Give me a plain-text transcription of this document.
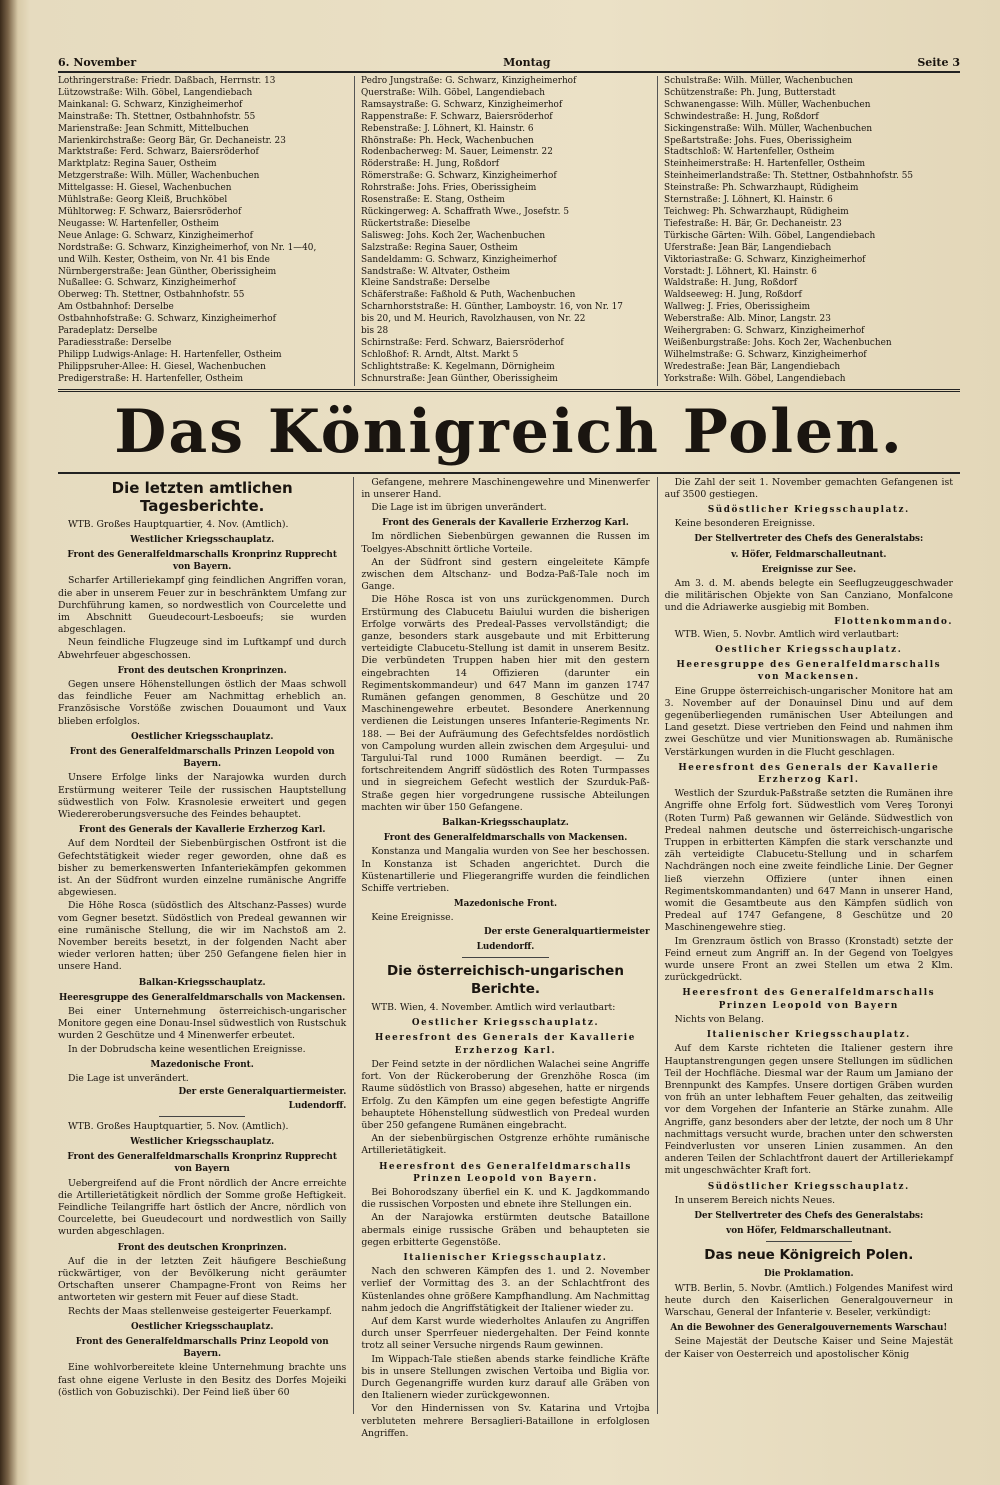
6. November	Montag	Seite 3
Lothringerstraße: Friedr. Daßbach, Herrnstr. 13
Lützowstraße: Wilh. Göbel, Langendiebach
Mainkanal: G. Schwarz, Kinzigheimerhof
Mainstraße: Th. Stettner, Ostbahnhofstr. 55
Marienstraße: Jean Schmitt, Mittelbuchen
Marienkirchstraße: Georg Bär, Gr. Dechaneistr. 23
Marktstraße: Ferd. Schwarz, Baiersröderhof
Marktplatz: Regina Sauer, Ostheim
Metzgerstraße: Wilh. Müller, Wachenbuchen
Mittelgasse: H. Giesel, Wachenbuchen
Mühlstraße: Georg Kleiß, Bruchköbel
Mühltorweg: F. Schwarz, Baiersröderhof
Neugasse: W. Hartenfeller, Ostheim
Neue Anlage: G. Schwarz, Kinzigheimerhof
Nordstraße: G. Schwarz, Kinzigheimerhof, von Nr. 1—40,
und Wilh. Kester, Ostheim, von Nr. 41 bis Ende
Nürnbergerstraße: Jean Günther, Oberissigheim
Nußallee: G. Schwarz, Kinzigheimerhof
Oberweg: Th. Stettner, Ostbahnhofstr. 55
Am Ostbahnhof: Derselbe
Ostbahnhofstraße: G. Schwarz, Kinzigheimerhof
Paradeplatz: Derselbe
Paradiesstraße: Derselbe
Philipp Ludwigs-Anlage: H. Hartenfeller, Ostheim
Philippsruher-Allee: H. Giesel, Wachenbuchen
Predigerstraße: H. Hartenfeller, Ostheim
Pedro Jungstraße: G. Schwarz, Kinzigheimerhof
Querstraße: Wilh. Göbel, Langendiebach
Ramsaystraße: G. Schwarz, Kinzigheimerhof
Rappenstraße: F. Schwarz, Baiersröderhof
Rebenstraße: J. Löhnert, Kl. Hainstr. 6
Rhönstraße: Ph. Heck, Wachenbuchen
Rodenbacherweg: M. Sauer, Leimenstr. 22
Röderstraße: H. Jung, Roßdorf
Römerstraße: G. Schwarz, Kinzigheimerhof
Rohrstraße: Johs. Fries, Oberissigheim
Rosenstraße: E. Stang, Ostheim
Rückingerweg: A. Schaffrath Wwe., Josefstr. 5
Rückertstraße: Dieselbe
Salisweg: Johs. Koch 2er, Wachenbuchen
Salzstraße: Regina Sauer, Ostheim
Sandeldamm: G. Schwarz, Kinzigheimerhof
Sandstraße: W. Altvater, Ostheim
Kleine Sandstraße: Derselbe
Schäferstraße: Faßhold & Puth, Wachenbuchen
Scharnhorststraße: H. Günther, Lamboystr. 16, von Nr. 17
bis 20, und M. Heurich, Ravolzhausen, von Nr. 22
bis 28
Schirnstraße: Ferd. Schwarz, Baiersröderhof
Schloßhof: R. Arndt, Altst. Markt 5
Schlightstraße: K. Kegelmann, Dörnigheim
Schnurstraße: Jean Günther, Oberissigheim
Schulstraße: Wilh. Müller, Wachenbuchen
Schützenstraße: Ph. Jung, Butterstadt
Schwanengasse: Wilh. Müller, Wachenbuchen
Schwindestraße: H. Jung, Roßdorf
Sickingenstraße: Wilh. Müller, Wachenbuchen
Speßartstraße: Johs. Fues, Oberissigheim
Stadtschloß: W. Hartenfeller, Ostheim
Steinheimerstraße: H. Hartenfeller, Ostheim
Steinheimerlandstraße: Th. Stettner, Ostbahnhofstr. 55
Steinstraße: Ph. Schwarzhaupt, Rüdigheim
Sternstraße: J. Löhnert, Kl. Hainstr. 6
Teichweg: Ph. Schwarzhaupt, Rüdigheim
Tiefestraße: H. Bär, Gr. Dechaneistr. 23
Türkische Gärten: Wilh. Göbel, Langendiebach
Uferstraße: Jean Bär, Langendiebach
Viktoriastraße: G. Schwarz, Kinzigheimerhof
Vorstadt: J. Löhnert, Kl. Hainstr. 6
Waldstraße: H. Jung, Roßdorf
Waldseeweg: H. Jung, Roßdorf
Wallweg: J. Fries, Oberissigheim
Weberstraße: Alb. Minor, Langstr. 23
Weihergraben: G. Schwarz, Kinzigheimerhof
Weißenburgstraße: Johs. Koch 2er, Wachenbuchen
Wilhelmstraße: G. Schwarz, Kinzigheimerhof
Wredestraße: Jean Bär, Langendiebach
Yorkstraße: Wilh. Göbel, Langendiebach
Das Königreich Polen.
Die letzten amtlichen Tagesberichte.

WTB. Großes Hauptquartier, 4. Nov. (Amtlich).

Westlicher Kriegsschauplatz.

Front des Generalfeldmarschalls Kronprinz Rupprecht von Bayern.

Scharfer Artilleriekampf ging feindlichen Angriffen voran, die aber in unserem Feuer zur in beschränktem Umfang zur Durchführung kamen, so nordwestlich von Courcelette und im Abschnitt Gueudecourt-Lesboeufs; sie wurden abgeschlagen.

Neun feindliche Flugzeuge sind im Luftkampf und durch Abwehrfeuer abgeschossen.

Front des deutschen Kronprinzen.

Gegen unsere Höhenstellungen östlich der Maas schwoll das feindliche Feuer am Nachmittag erheblich an. Französische Vorstöße zwischen Douaumont und Vaux blieben erfolglos.

Oestlicher Kriegsschauplatz.

Front des Generalfeldmarschalls Prinzen Leopold von Bayern.

Unsere Erfolge links der Narajowka wurden durch Erstürmung weiterer Teile der russischen Hauptstellung südwestlich von Folw. Krasnolesie erweitert und gegen Wiedereroberungsversuche des Feindes behauptet.

Front des Generals der Kavallerie Erzherzog Karl.

Auf dem Nordteil der Siebenbürgischen Ostfront ist die Gefechtstätigkeit wieder reger geworden, ohne daß es bisher zu bemerkenswerten Infanteriekämpfen gekommen ist. An der Südfront wurden einzelne rumänische Angriffe abgewiesen.

Die Höhe Rosca (südöstlich des Altschanz-Passes) wurde vom Gegner besetzt. Südöstlich von Predeal gewannen wir eine rumänische Stellung, die wir im Nachstoß am 2. November bereits besetzt, in der folgenden Nacht aber wieder verloren hatten; über 250 Gefangene fielen hier in unsere Hand.

Balkan-Kriegsschauplatz.

Heeresgruppe des Generalfeldmarschalls von Mackensen.

Bei einer Unternehmung österreichisch-ungarischer Monitore gegen eine Donau-Insel südwestlich von Rustschuk wurden 2 Geschütze und 4 Minenwerfer erbeutet.

In der Dobrudscha keine wesentlichen Ereignisse.

Mazedonische Front.

Die Lage ist unverändert.

Der erste Generalquartiermeister.

Ludendorff.

WTB. Großes Hauptquartier, 5. Nov. (Amtlich).

Westlicher Kriegsschauplatz.

Front des Generalfeldmarschalls Kronprinz Rupprecht von Bayern

Uebergreifend auf die Front nördlich der Ancre erreichte die Artillerietätigkeit nördlich der Somme große Heftigkeit. Feindliche Teilangriffe hart östlich der Ancre, nördlich von Courcelette, bei Gueudecourt und nordwestlich von Sailly wurden abgeschlagen.

Front des deutschen Kronprinzen.

Auf die in der letzten Zeit häufigere Beschießung rückwärtiger, von der Bevölkerung nicht geräumter Ortschaften unserer Champagne-Front von Reims her antworteten wir gestern mit Feuer auf diese Stadt.

Rechts der Maas stellenweise gesteigerter Feuerkampf.

Oestlicher Kriegsschauplatz.

Front des Generalfeldmarschalls Prinz Leopold von Bayern.

Eine wohlvorbereitete kleine Unternehmung brachte uns fast ohne eigene Verluste in den Besitz des Dorfes Mojeiki (östlich von Gobuzischki). Der Feind ließ über 60

Gefangene, mehrere Maschinengewehre und Minenwerfer in unserer Hand.

Die Lage ist im übrigen unverändert.

Front des Generals der Kavallerie Erzherzog Karl.

Im nördlichen Siebenbürgen gewannen die Russen im Toelgyes-Abschnitt örtliche Vorteile.

An der Südfront sind gestern eingeleitete Kämpfe zwischen dem Altschanz- und Bodza-Paß-Tale noch im Gange.

Die Höhe Rosca ist von uns zurückgenommen. Durch Erstürmung des Clabucetu Baiului wurden die bisherigen Erfolge vorwärts des Predeal-Passes vervollständigt; die ganze, besonders stark ausgebaute und mit Erbitterung verteidigte Clabucetu-Stellung ist damit in unserem Besitz. Die verbündeten Truppen haben hier mit den gestern eingebrachten 14 Offizieren (darunter ein Regimentskommandeur) und 647 Mann im ganzen 1747 Rumänen gefangen genommen, 8 Geschütze und 20 Maschinengewehre erbeutet. Besondere Anerkennung verdienen die Leistungen unseres Infanterie-Regiments Nr. 188. — Bei der Aufräumung des Gefechtsfeldes nordöstlich von Campolung wurden allein zwischen dem Argeşului- und Targului-Tal rund 1000 Rumänen beerdigt. — Zu fortschreitendem Angriff südöstlich des Roten Turmpasses und in siegreichem Gefecht westlich der Szurduk-Paß-Straße gegen hier vorgedrungene russische Abteilungen machten wir über 150 Gefangene.

Balkan-Kriegsschauplatz.

Front des Generalfeldmarschalls von Mackensen.

Konstanza und Mangalia wurden von See her beschossen. In Konstanza ist Schaden angerichtet. Durch die Küstenartillerie und Fliegerangriffe wurden die feindlichen Schiffe vertrieben.

Mazedonische Front.

Keine Ereignisse.

Der erste Generalquartiermeister

Ludendorff.

Die österreichisch-ungarischen Berichte.

WTB. Wien, 4. November. Amtlich wird verlautbart:

Oestlicher Kriegsschauplatz.

Heeresfront des Generals der Kavallerie Erzherzog Karl.

Der Feind setzte in der nördlichen Walachei seine Angriffe fort. Von der Rückeroberung der Grenzhöhe Rosca (im Raume südöstlich von Brasso) abgesehen, hatte er nirgends Erfolg. Zu den Kämpfen um eine gegen befestigte Angriffe behauptete Höhenstellung südwestlich von Predeal wurden über 250 gefangene Rumänen eingebracht.

An der siebenbürgischen Ostgrenze erhöhte rumänische Artillerietätigkeit.

Heeresfront des Generalfeldmarschalls Prinzen Leopold von Bayern.

Bei Bohorodszany überfiel ein K. und K. Jagdkommando die russischen Vorposten und ebnete ihre Stellungen ein.

An der Narajowka erstürmten deutsche Bataillone abermals einige russische Gräben und behaupteten sie gegen erbitterte Gegenstöße.

Italienischer Kriegsschauplatz.

Nach den schweren Kämpfen des 1. und 2. November verlief der Vormittag des 3. an der Schlachtfront des Küstenlandes ohne größere Kampfhandlung. Am Nachmittag nahm jedoch die Angriffstätigkeit der Italiener wieder zu.

Auf dem Karst wurde wiederholtes Anlaufen zu Angriffen durch unser Sperrfeuer niedergehalten. Der Feind konnte trotz all seiner Versuche nirgends Raum gewinnen.

Im Wippach-Tale stießen abends starke feindliche Kräfte bis in unsere Stellungen zwischen Vertoiba und Biglia vor. Durch Gegenangriffe wurden kurz darauf alle Gräben von den Italienern wieder zurückgewonnen.

Vor den Hindernissen von Sv. Katarina und Vrtojba verbluteten mehrere Bersaglieri-Bataillone in erfolglosen Angriffen.

Die Zahl der seit 1. November gemachten Gefangenen ist auf 3500 gestiegen.

Südöstlicher Kriegsschauplatz.

Keine besonderen Ereignisse.

Der Stellvertreter des Chefs des Generalstabs:

v. Höfer, Feldmarschalleutnant.

Ereignisse zur See.

Am 3. d. M. abends belegte ein Seeflugzeuggeschwader die militärischen Objekte von San Canziano, Monfalcone und die Adriawerke ausgiebig mit Bomben.

Flottenkommando.

WTB. Wien, 5. Novbr. Amtlich wird verlautbart:

Oestlicher Kriegsschauplatz.

Heeresgruppe des Generalfeldmarschalls von Mackensen.

Eine Gruppe österreichisch-ungarischer Monitore hat am 3. November auf der Donauinsel Dinu und auf dem gegenüberliegenden rumänischen User Abteilungen and Land gesetzt. Diese vertrieben den Feind und nahmen ihm zwei Geschütze und vier Munitionswagen ab. Rumänische Verstärkungen wurden in die Flucht geschlagen.

Heeresfront des Generals der Kavallerie Erzherzog Karl.

Westlich der Szurduk-Paßstraße setzten die Rumänen ihre Angriffe ohne Erfolg fort. Südwestlich vom Vereş Toronyi (Roten Turm) Paß gewannen wir Gelände. Südwestlich von Predeal nahmen deutsche und österreichisch-ungarische Truppen in erbitterten Kämpfen die stark verschanzte und zäh verteidigte Clabucetu-Stellung und in scharfem Nachdrängen noch eine zweite feindliche Linie. Der Gegner ließ vierzehn Offiziere (unter ihnen einen Regimentskommandanten) und 647 Mann in unserer Hand, womit die Gesamtbeute aus den Kämpfen südlich von Predeal auf 1747 Gefangene, 8 Geschütze und 20 Maschinengewehre stieg.

Im Grenzraum östlich von Brasso (Kronstadt) setzte der Feind erneut zum Angriff an. In der Gegend von Toelgyes wurde unsere Front an zwei Stellen um etwa 2 Klm. zurückgedrückt.

Heeresfront des Generalfeldmarschalls Prinzen Leopold von Bayern

Nichts von Belang.

Italienischer Kriegsschauplatz.

Auf dem Karste richteten die Italiener gestern ihre Hauptanstrengungen gegen unsere Stellungen im südlichen Teil der Hochfläche. Diesmal war der Raum um Jamiano der Brennpunkt des Kampfes. Unsere dortigen Gräben wurden von früh an unter lebhaftem Feuer gehalten, das zeitweilig vor dem Vorgehen der Infanterie an Stärke zunahm. Alle Angriffe, ganz besonders aber der letzte, der noch um 8 Uhr nachmittags versucht wurde, brachen unter den schwersten Feindverlusten vor unseren Linien zusammen. An den anderen Teilen der Schlachtfront dauert der Artilleriekampf mit ungeschwächter Kraft fort.

Südöstlicher Kriegsschauplatz.

In unserem Bereich nichts Neues.

Der Stellvertreter des Chefs des Generalstabs:

von Höfer, Feldmarschalleutnant.

Das neue Königreich Polen.

Die Proklamation.

WTB. Berlin, 5. Novbr. (Amtlich.) Folgendes Manifest wird heute durch den Kaiserlichen Generalgouverneur in Warschau, General der Infanterie v. Beseler, verkündigt:

An die Bewohner des Generalgouvernements Warschau!

Seine Majestät der Deutsche Kaiser und Seine Majestät der Kaiser von Oesterreich und apostolischer König
